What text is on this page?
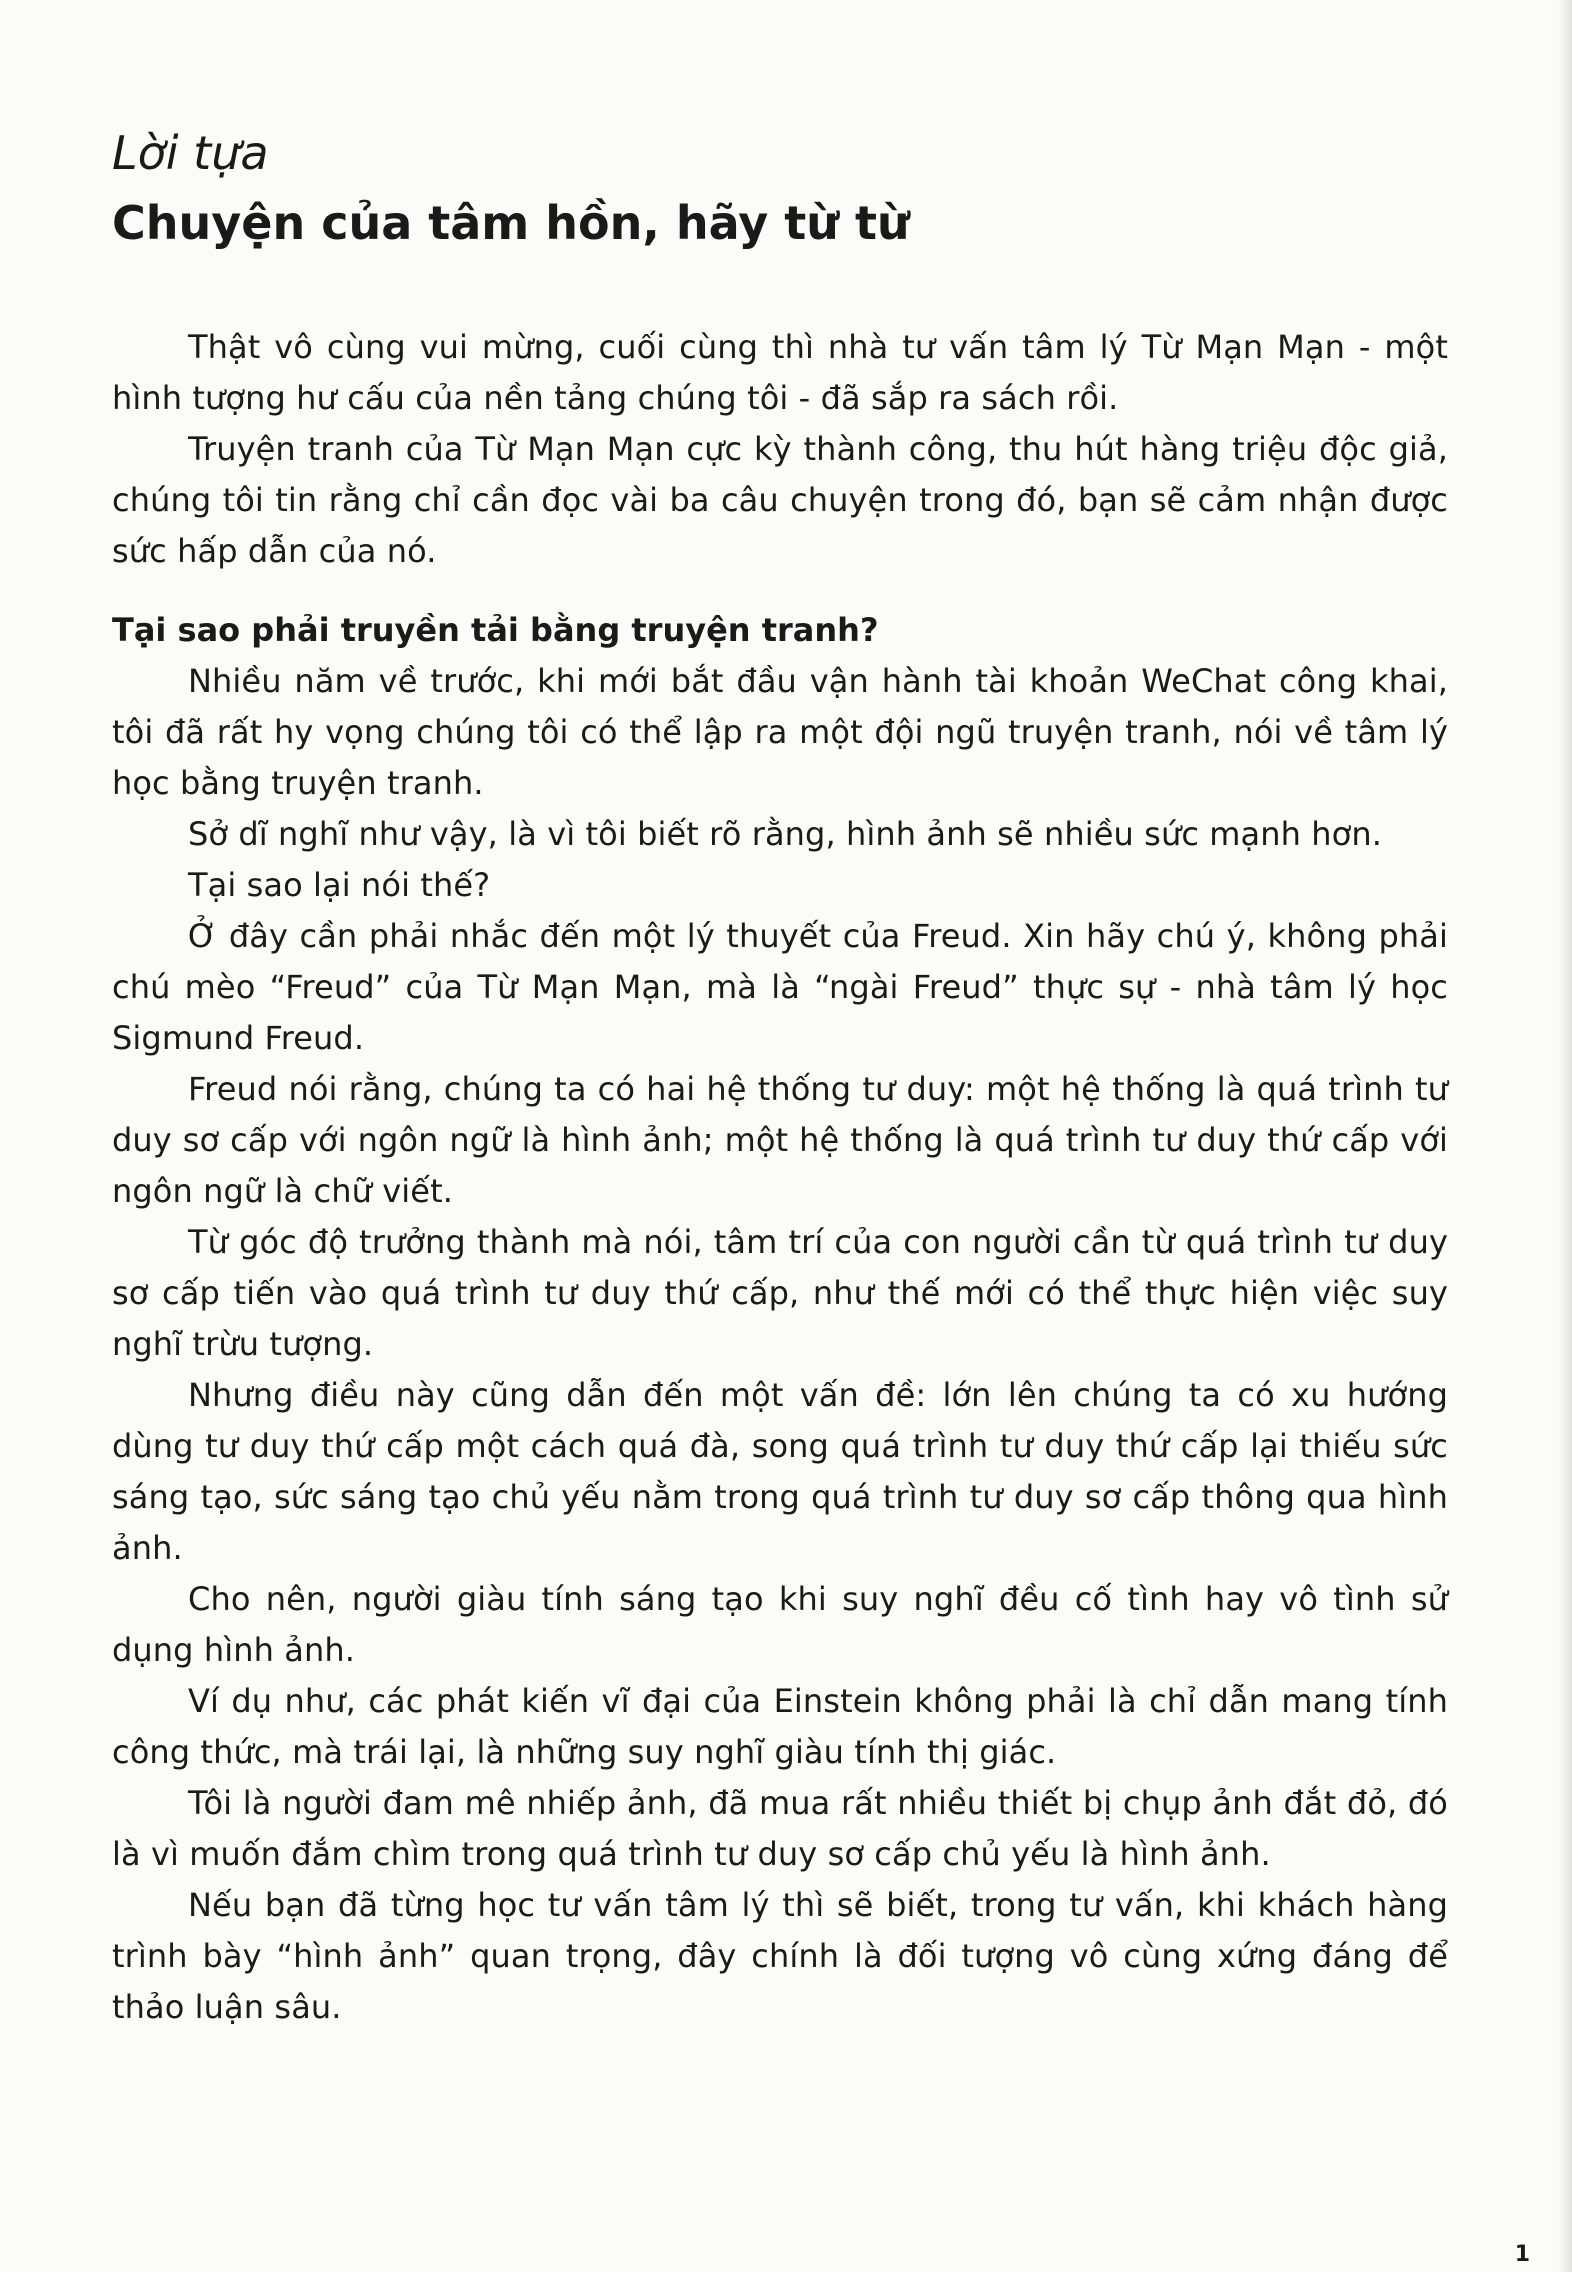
Lời tựa
Chuyện của tâm hồn, hãy từ từ

Thật vô cùng vui mừng, cuối cùng thì nhà tư vấn tâm lý Từ Mạn Mạn - một hình tượng hư cấu của nền tảng chúng tôi - đã sắp ra sách rồi.

Truyện tranh của Từ Mạn Mạn cực kỳ thành công, thu hút hàng triệu độc giả, chúng tôi tin rằng chỉ cần đọc vài ba câu chuyện trong đó, bạn sẽ cảm nhận được sức hấp dẫn của nó.

Tại sao phải truyền tải bằng truyện tranh?

Nhiều năm về trước, khi mới bắt đầu vận hành tài khoản WeChat công khai, tôi đã rất hy vọng chúng tôi có thể lập ra một đội ngũ truyện tranh, nói về tâm lý học bằng truyện tranh.

Sở dĩ nghĩ như vậy, là vì tôi biết rõ rằng, hình ảnh sẽ nhiều sức mạnh hơn.

Tại sao lại nói thế?

Ở đây cần phải nhắc đến một lý thuyết của Freud. Xin hãy chú ý, không phải chú mèo “Freud” của Từ Mạn Mạn, mà là “ngài Freud” thực sự - nhà tâm lý học Sigmund Freud.

Freud nói rằng, chúng ta có hai hệ thống tư duy: một hệ thống là quá trình tư duy sơ cấp với ngôn ngữ là hình ảnh; một hệ thống là quá trình tư duy thứ cấp với ngôn ngữ là chữ viết.

Từ góc độ trưởng thành mà nói, tâm trí của con người cần từ quá trình tư duy sơ cấp tiến vào quá trình tư duy thứ cấp, như thế mới có thể thực hiện việc suy nghĩ trừu tượng.

Nhưng điều này cũng dẫn đến một vấn đề: lớn lên chúng ta có xu hướng dùng tư duy thứ cấp một cách quá đà, song quá trình tư duy thứ cấp lại thiếu sức sáng tạo, sức sáng tạo chủ yếu nằm trong quá trình tư duy sơ cấp thông qua hình ảnh.

Cho nên, người giàu tính sáng tạo khi suy nghĩ đều cố tình hay vô tình sử dụng hình ảnh.

Ví dụ như, các phát kiến vĩ đại của Einstein không phải là chỉ dẫn mang tính công thức, mà trái lại, là những suy nghĩ giàu tính thị giác.

Tôi là người đam mê nhiếp ảnh, đã mua rất nhiều thiết bị chụp ảnh đắt đỏ, đó là vì muốn đắm chìm trong quá trình tư duy sơ cấp chủ yếu là hình ảnh.

Nếu bạn đã từng học tư vấn tâm lý thì sẽ biết, trong tư vấn, khi khách hàng trình bày “hình ảnh” quan trọng, đây chính là đối tượng vô cùng xứng đáng để thảo luận sâu.

1
